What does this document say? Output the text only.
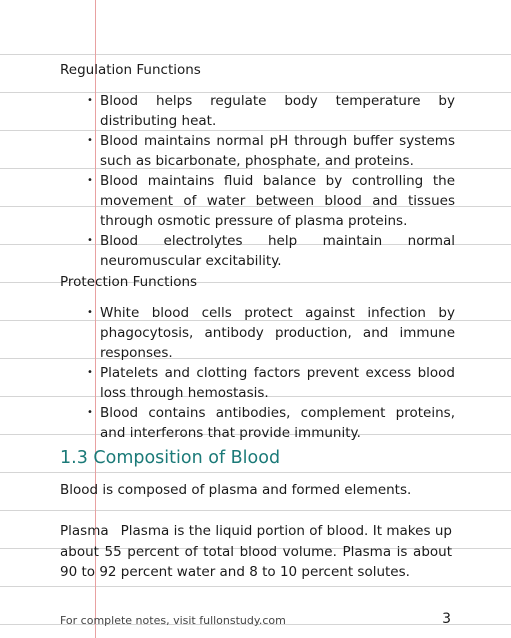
Regulation Functions
• Blood helps regulate body temperature by distributing heat.
• Blood maintains normal pH through buffer systems such as bicarbonate, phosphate, and proteins.
• Blood maintains fluid balance by controlling the movement of water between blood and tissues through osmotic pressure of plasma proteins.
• Blood electrolytes help maintain normal neuromuscular excitability.
Protection Functions
• White blood cells protect against infection by phagocytosis, antibody production, and immune responses.
• Platelets and clotting factors prevent excess blood loss through hemostasis.
• Blood contains antibodies, complement proteins, and interferons that provide immunity.
1.3 Composition of Blood
Blood is composed of plasma and formed elements.
Plasma Plasma is the liquid portion of blood. It makes up about 55 percent of total blood volume. Plasma is about 90 to 92 percent water and 8 to 10 percent solutes.
For complete notes, visit fullonstudy.com	3
